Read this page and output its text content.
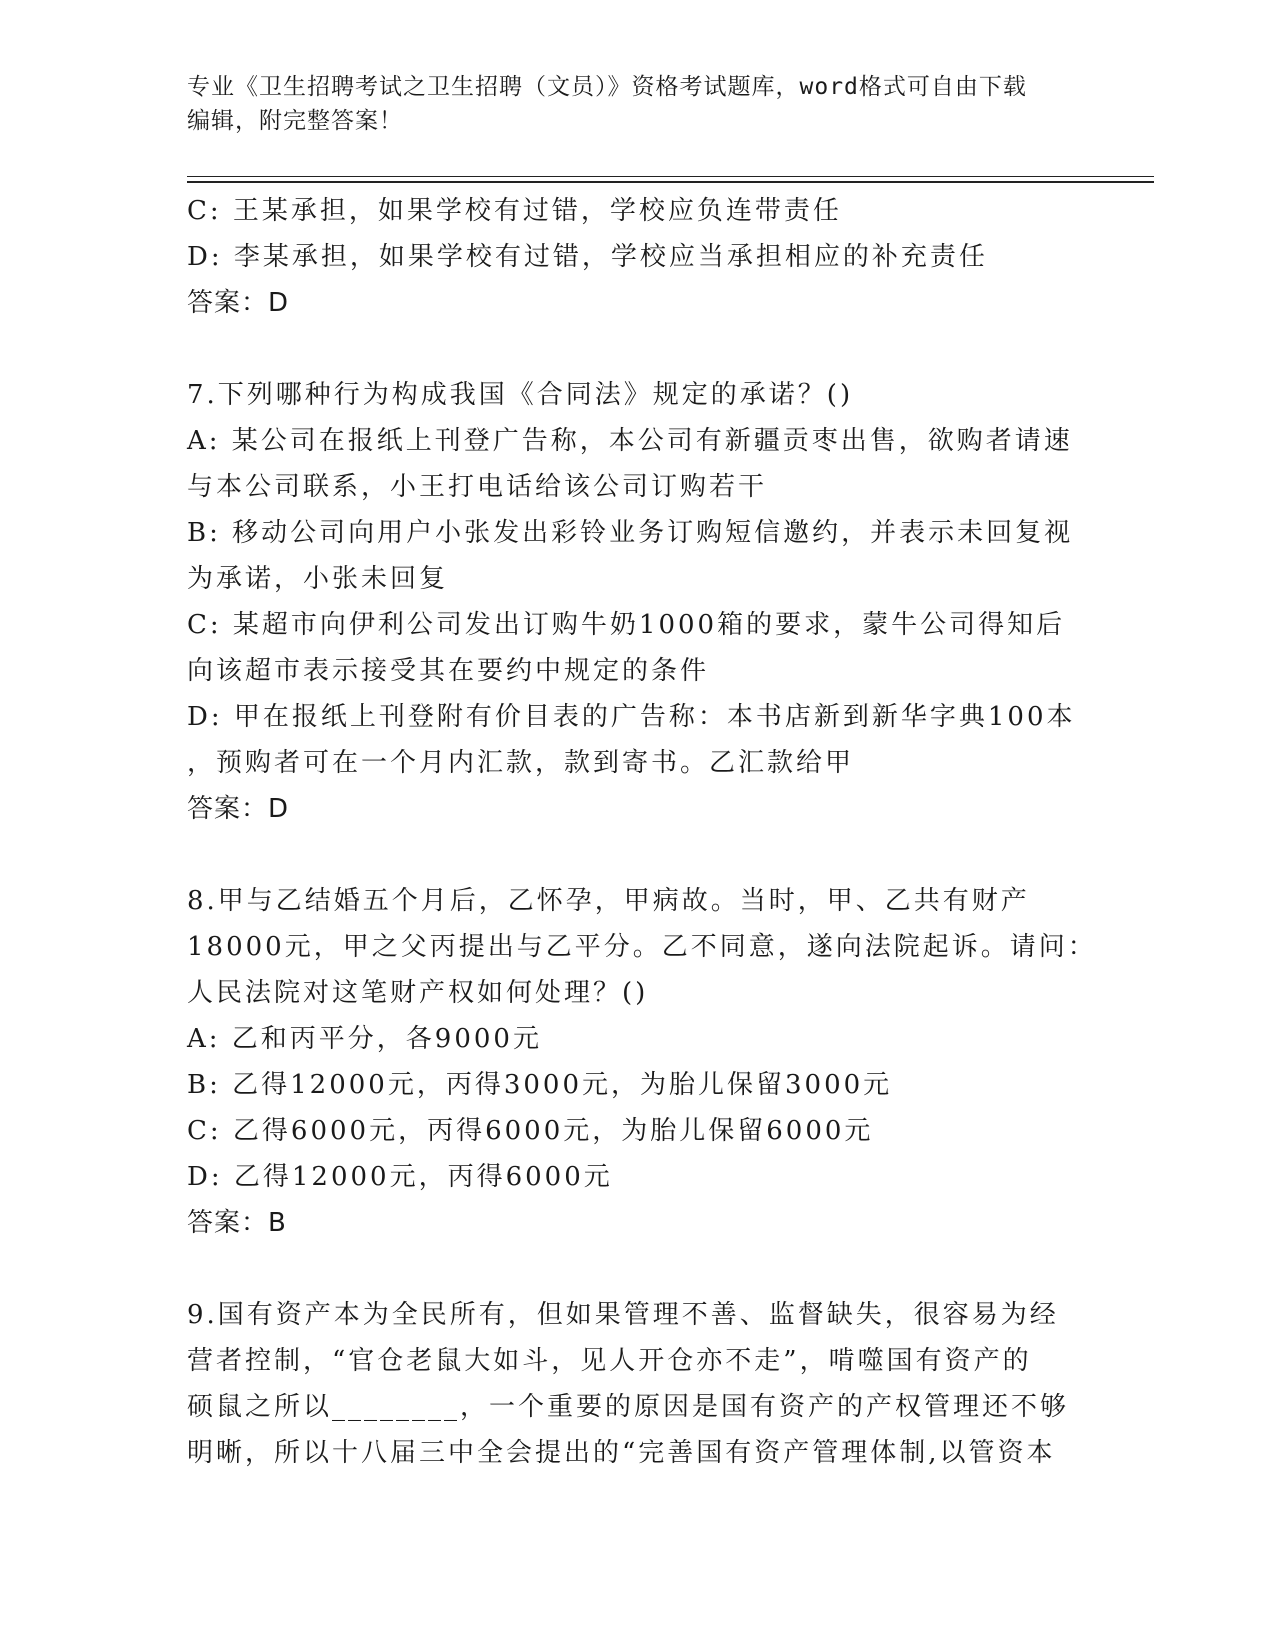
专业《卫生招聘考试之卫生招聘（文员）》资格考试题库，word格式可自由下载
编辑，附完整答案！
C: 王某承担，如果学校有过错，学校应负连带责任
D: 李某承担，如果学校有过错，学校应当承担相应的补充责任
答案：D
7.下列哪种行为构成我国《合同法》规定的承诺？()
A: 某公司在报纸上刊登广告称，本公司有新疆贡枣出售，欲购者请速
与本公司联系，小王打电话给该公司订购若干
B: 移动公司向用户小张发出彩铃业务订购短信邀约，并表示未回复视
为承诺，小张未回复
C: 某超市向伊利公司发出订购牛奶1000箱的要求，蒙牛公司得知后
向该超市表示接受其在要约中规定的条件
D: 甲在报纸上刊登附有价目表的广告称：本书店新到新华字典100本
，预购者可在一个月内汇款，款到寄书。乙汇款给甲
答案：D
8.甲与乙结婚五个月后，乙怀孕，甲病故。当时，甲、乙共有财产
18000元，甲之父丙提出与乙平分。乙不同意，遂向法院起诉。请问：
人民法院对这笔财产权如何处理？()
A: 乙和丙平分，各9000元
B: 乙得12000元，丙得3000元，为胎儿保留3000元
C: 乙得6000元，丙得6000元，为胎儿保留6000元
D: 乙得12000元，丙得6000元
答案：B
9.国有资产本为全民所有，但如果管理不善、监督缺失，很容易为经
营者控制，“官仓老鼠大如斗，见人开仓亦不走”，啃噬国有资产的
硕鼠之所以________，一个重要的原因是国有资产的产权管理还不够
明晰，所以十八届三中全会提出的“完善国有资产管理体制,以管资本
